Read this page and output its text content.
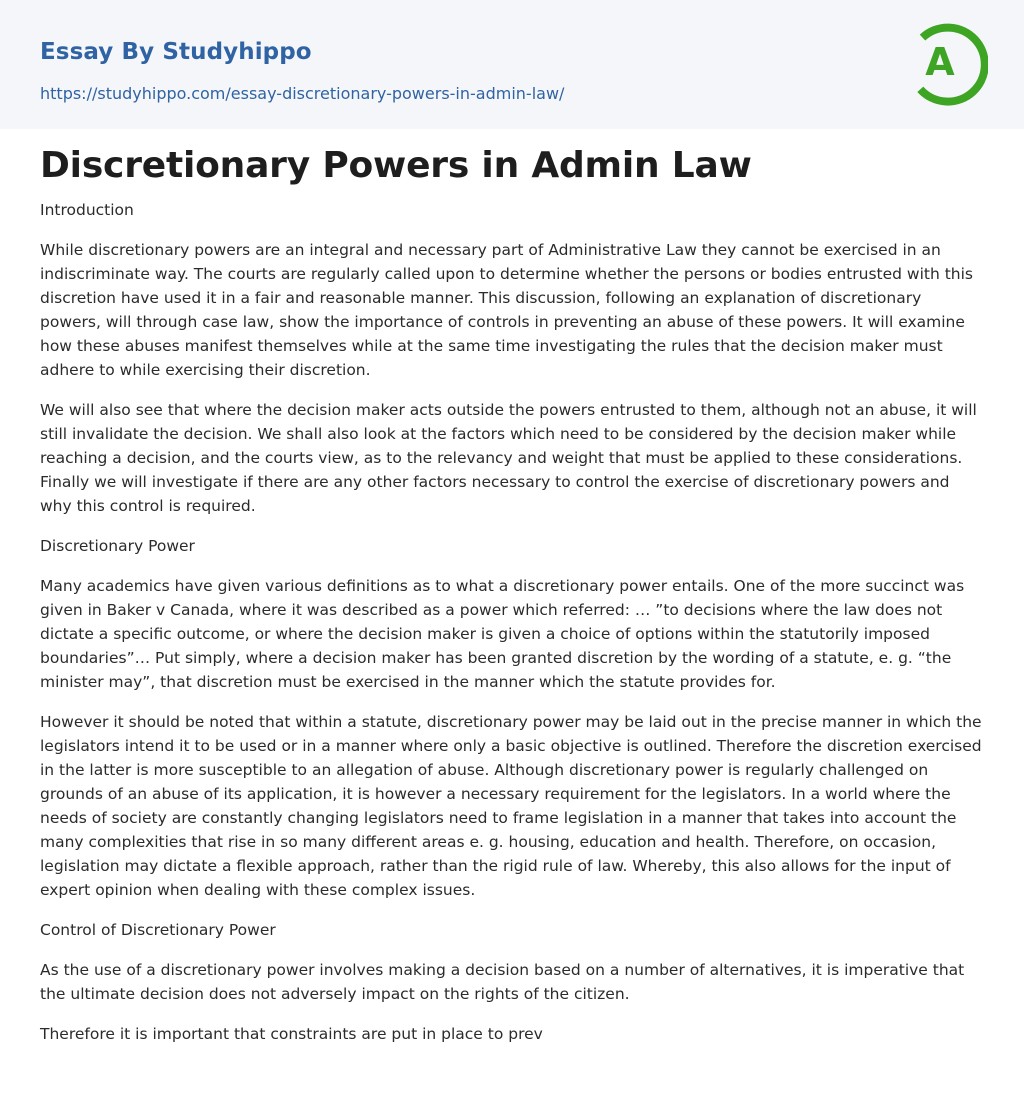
Essay By Studyhippo
https://studyhippo.com/essay-discretionary-powers-in-admin-law/
A
Discretionary Powers in Admin Law

Introduction

While discretionary powers are an integral and necessary part of Administrative Law they cannot be exercised in an indiscriminate way. The courts are regularly called upon to determine whether the persons or bodies entrusted with this discretion have used it in a fair and reasonable manner. This discussion, following an explanation of discretionary powers, will through case law, show the importance of controls in preventing an abuse of these powers. It will examine how these abuses manifest themselves while at the same time investigating the rules that the decision maker must adhere to while exercising their discretion.

We will also see that where the decision maker acts outside the powers entrusted to them, although not an abuse, it will still invalidate the decision. We shall also look at the factors which need to be considered by the decision maker while reaching a decision, and the courts view, as to the relevancy and weight that must be applied to these considerations. Finally we will investigate if there are any other factors necessary to control the exercise of discretionary powers and why this control is required.

Discretionary Power

Many academics have given various definitions as to what a discretionary power entails. One of the more succinct was given in Baker v Canada, where it was described as a power which referred: … ”to decisions where the law does not dictate a specific outcome, or where the decision maker is given a choice of options within the statutorily imposed boundaries”… Put simply, where a decision maker has been granted discretion by the wording of a statute, e. g. “the minister may”, that discretion must be exercised in the manner which the statute provides for.

However it should be noted that within a statute, discretionary power may be laid out in the precise manner in which the legislators intend it to be used or in a manner where only a basic objective is outlined. Therefore the discretion exercised in the latter is more susceptible to an allegation of abuse. Although discretionary power is regularly challenged on grounds of an abuse of its application, it is however a necessary requirement for the legislators. In a world where the needs of society are constantly changing legislators need to frame legislation in a manner that takes into account the many complexities that rise in so many different areas e. g. housing, education and health. Therefore, on occasion, legislation may dictate a flexible approach, rather than the rigid rule of law. Whereby, this also allows for the input of expert opinion when dealing with these complex issues.

Control of Discretionary Power

As the use of a discretionary power involves making a decision based on a number of alternatives, it is imperative that the ultimate decision does not adversely impact on the rights of the citizen.

Therefore it is important that constraints are put in place to prev
